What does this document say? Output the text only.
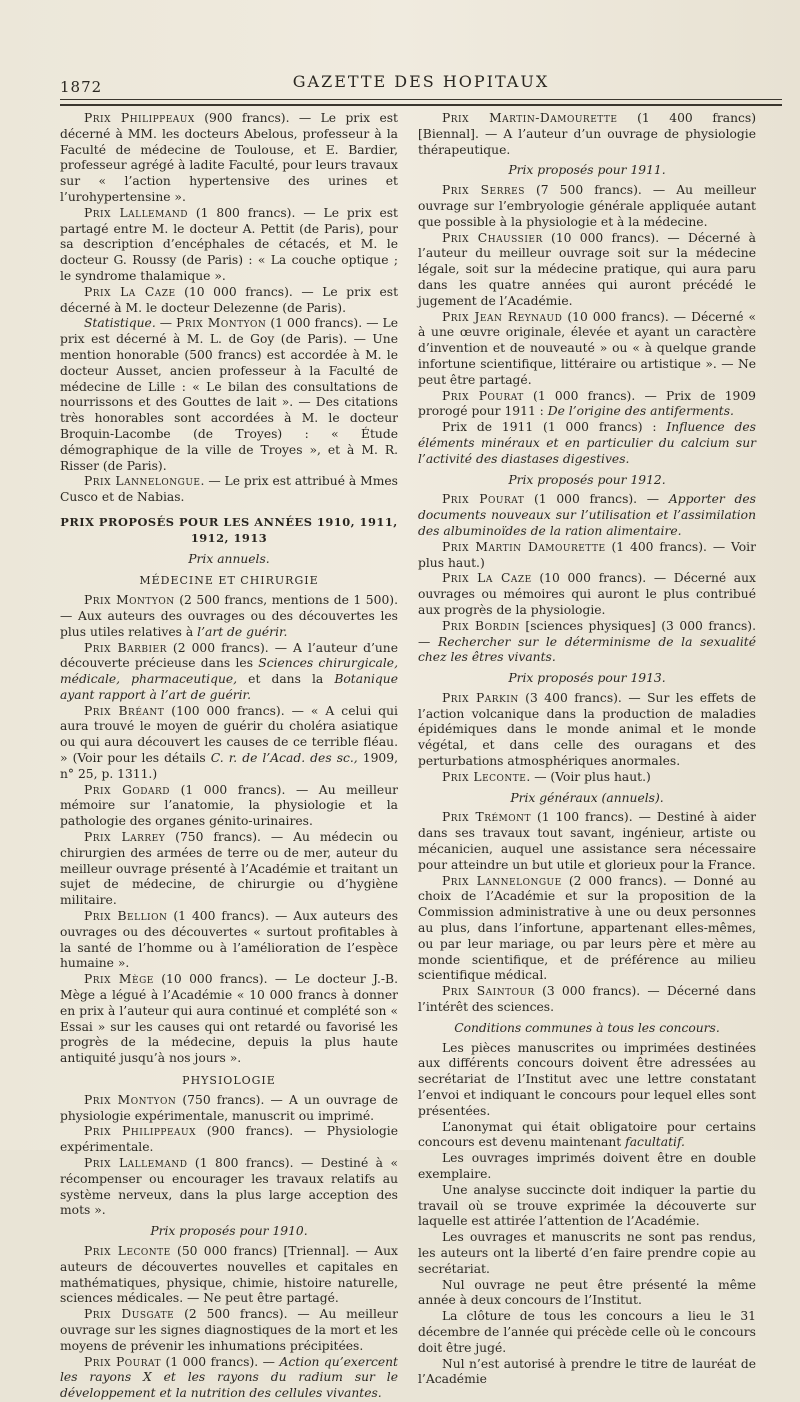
1872	GAZETTE DES HOPITAUX

Prix Philippeaux (900 francs). — Le prix est décerné à MM. les docteurs Abelous, professeur à la Faculté de médecine de Toulouse, et E. Bardier, professeur agrégé à ladite Faculté, pour leurs travaux sur « l’action hypertensive des urines et l’urohypertensine ».

Prix Lallemand (1 800 francs). — Le prix est partagé entre M. le docteur A. Pettit (de Paris), pour sa description d’encéphales de cétacés, et M. le docteur G. Roussy (de Paris) : « La couche optique ; le syndrome thalamique ».

Prix La Caze (10 000 francs). — Le prix est décerné à M. le docteur Delezenne (de Paris).

Statistique. — Prix Montyon (1 000 francs). — Le prix est décerné à M. L. de Goy (de Paris). — Une mention honorable (500 francs) est accordée à M. le docteur Ausset, ancien professeur à la Faculté de médecine de Lille : « Le bilan des consultations de nourrissons et des Gouttes de lait ». — Des citations très honorables sont accordées à M. le docteur Broquin-Lacombe (de Troyes) : « Étude démographique de la ville de Troyes », et à M. R. Risser (de Paris).

Prix Lannelongue. — Le prix est attribué à Mmes Cusco et de Nabias.

PRIX PROPOSÉS POUR LES ANNÉES 1910, 1911, 1912, 1913
Prix annuels.
MÉDECINE ET CHIRURGIE

Prix Montyon (2 500 francs, mentions de 1 500). — Aux auteurs des ouvrages ou des découvertes les plus utiles relatives à l’art de guérir.

Prix Barbier (2 000 francs). — A l’auteur d’une découverte précieuse dans les Sciences chirurgicale, médicale, pharmaceutique, et dans la Botanique ayant rapport à l’art de guérir.

Prix Bréant (100 000 francs). — « A celui qui aura trouvé le moyen de guérir du choléra asiatique ou qui aura découvert les causes de ce terrible fléau. » (Voir pour les détails C. r. de l’Acad. des sc., 1909, n° 25, p. 1311.)

Prix Godard (1 000 francs). — Au meilleur mémoire sur l’anatomie, la physiologie et la pathologie des organes génito-urinaires.

Prix Larrey (750 francs). — Au médecin ou chirurgien des armées de terre ou de mer, auteur du meilleur ouvrage présenté à l’Académie et traitant un sujet de médecine, de chirurgie ou d’hygiène militaire.

Prix Bellion (1 400 francs). — Aux auteurs des ouvrages ou des découvertes « surtout profitables à la santé de l’homme ou à l’amélioration de l’espèce humaine ».

Prix Mège (10 000 francs). — Le docteur J.-B. Mège a légué à l’Académie « 10 000 francs à donner en prix à l’auteur qui aura continué et complété son « Essai » sur les causes qui ont retardé ou favorisé les progrès de la médecine, depuis la plus haute antiquité jusqu’à nos jours ».

PHYSIOLOGIE

Prix Montyon (750 francs). — A un ouvrage de physiologie expérimentale, manuscrit ou imprimé.

Prix Philippeaux (900 francs). — Physiologie expérimentale.

Prix Lallemand (1 800 francs). — Destiné à « récompenser ou encourager les travaux relatifs au système nerveux, dans la plus large acception des mots ».

Prix proposés pour 1910.

Prix Leconte (50 000 francs) [Triennal]. — Aux auteurs de découvertes nouvelles et capitales en mathématiques, physique, chimie, histoire naturelle, sciences médicales. — Ne peut être partagé.

Prix Dusgate (2 500 francs). — Au meilleur ouvrage sur les signes diagnostiques de la mort et les moyens de prévenir les inhumations précipitées.

Prix Pourat (1 000 francs). — Action qu’exercent les rayons X et les rayons du radium sur le développement et la nutrition des cellules vivantes.

Prix Martin-Damourette (1 400 francs) [Biennal]. — A l’auteur d’un ouvrage de physiologie thérapeutique.

Prix proposés pour 1911.

Prix Serres (7 500 francs). — Au meilleur ouvrage sur l’embryologie générale appliquée autant que possible à la physiologie et à la médecine.

Prix Chaussier (10 000 francs). — Décerné à l’auteur du meilleur ouvrage soit sur la médecine légale, soit sur la médecine pratique, qui aura paru dans les quatre années qui auront précédé le jugement de l’Académie.

Prix Jean Reynaud (10 000 francs). — Décerné « à une œuvre originale, élevée et ayant un caractère d’invention et de nouveauté » ou « à quelque grande infortune scientifique, littéraire ou artistique ». — Ne peut être partagé.

Prix Pourat (1 000 francs). — Prix de 1909 prorogé pour 1911 : De l’origine des antiferments.

Prix de 1911 (1 000 francs) : Influence des éléments minéraux et en particulier du calcium sur l’activité des diastases digestives.

Prix proposés pour 1912.

Prix Pourat (1 000 francs). — Apporter des documents nouveaux sur l’utilisation et l’assimilation des albuminoïdes de la ration alimentaire.

Prix Martin Damourette (1 400 francs). — Voir plus haut.)

Prix La Caze (10 000 francs). — Décerné aux ouvrages ou mémoires qui auront le plus contribué aux progrès de la physiologie.

Prix Bordin [sciences physiques] (3 000 francs). — Rechercher sur le déterminisme de la sexualité chez les êtres vivants.

Prix proposés pour 1913.

Prix Parkin (3 400 francs). — Sur les effets de l’action volcanique dans la production de maladies épidémiques dans le monde animal et le monde végétal, et dans celle des ouragans et des perturbations atmosphériques anormales.

Prix Leconte. — (Voir plus haut.)

Prix généraux (annuels).

Prix Trémont (1 100 francs). — Destiné à aider dans ses travaux tout savant, ingénieur, artiste ou mécanicien, auquel une assistance sera nécessaire pour atteindre un but utile et glorieux pour la France.

Prix Lannelongue (2 000 francs). — Donné au choix de l’Académie et sur la proposition de la Commission administrative à une ou deux personnes au plus, dans l’infortune, appartenant elles-mêmes, ou par leur mariage, ou par leurs père et mère au monde scientifique, et de préférence au milieu scientifique médical.

Prix Saintour (3 000 francs). — Décerné dans l’intérêt des sciences.

Conditions communes à tous les concours.

Les pièces manuscrites ou imprimées destinées aux différents concours doivent être adressées au secrétariat de l’Institut avec une lettre constatant l’envoi et indiquant le concours pour lequel elles sont présentées.

L’anonymat qui était obligatoire pour certains concours est devenu maintenant facultatif.

Les ouvrages imprimés doivent être en double exemplaire.

Une analyse succincte doit indiquer la partie du travail où se trouve exprimée la découverte sur laquelle est attirée l’attention de l’Académie.

Les ouvrages et manuscrits ne sont pas rendus, les auteurs ont la liberté d’en faire prendre copie au secrétariat.

Nul ouvrage ne peut être présenté la même année à deux concours de l’Institut.

La clôture de tous les concours a lieu le 31 décembre de l’année qui précède celle où le concours doit être jugé.

Nul n’est autorisé à prendre le titre de lauréat de l’Académie
